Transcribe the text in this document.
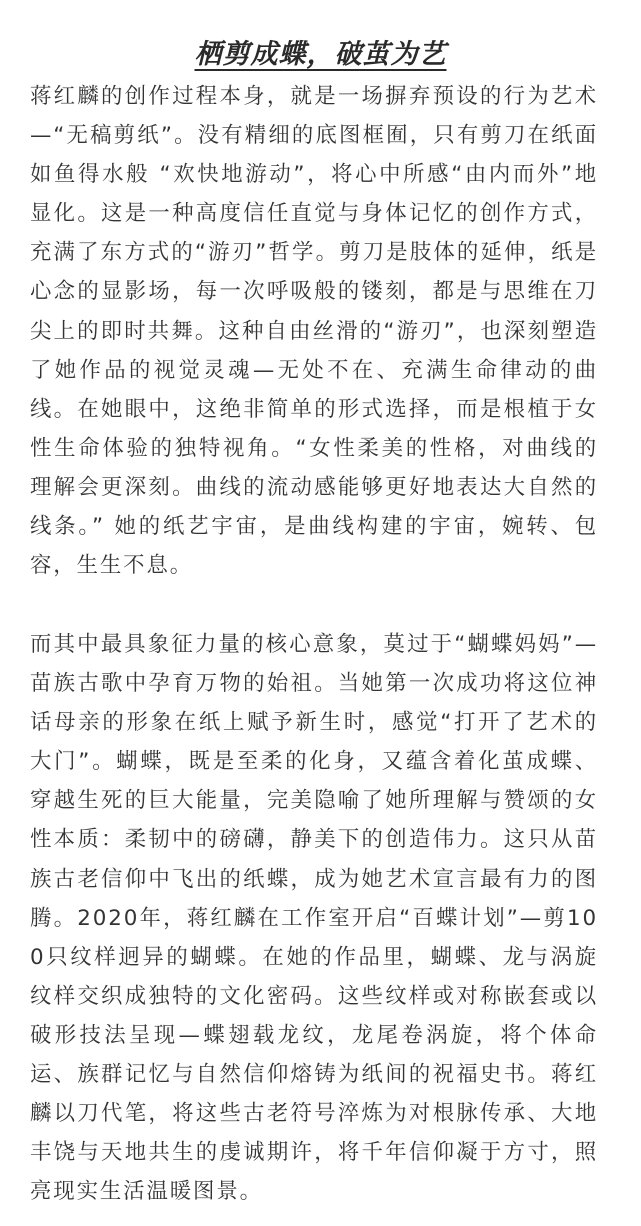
栖剪成蝶，破茧为艺

蒋红麟的创作过程本身，就是一场摒弃预设的行为艺术—“无稿剪纸”。没有精细的底图框囿，只有剪刀在纸面如鱼得水般 “欢快地游动”，将心中所感“由内而外”地显化。这是一种高度信任直觉与身体记忆的创作方式，充满了东方式的“游刃”哲学。剪刀是肢体的延伸，纸是心念的显影场，每一次呼吸般的镂刻，都是与思维在刀尖上的即时共舞。这种自由丝滑的“游刃”，也深刻塑造了她作品的视觉灵魂—无处不在、充满生命律动的曲线。在她眼中，这绝非简单的形式选择，而是根植于女性生命体验的独特视角。“女性柔美的性格，对曲线的理解会更深刻。曲线的流动感能够更好地表达大自然的线条。” 她的纸艺宇宙，是曲线构建的宇宙，婉转、包容，生生不息。

而其中最具象征力量的核心意象，莫过于“蝴蝶妈妈”—苗族古歌中孕育万物的始祖。当她第一次成功将这位神话母亲的形象在纸上赋予新生时，感觉“打开了艺术的大门”。蝴蝶，既是至柔的化身，又蕴含着化茧成蝶、穿越生死的巨大能量，完美隐喻了她所理解与赞颂的女性本质：柔韧中的磅礴，静美下的创造伟力。这只从苗族古老信仰中飞出的纸蝶，成为她艺术宣言最有力的图腾。2020年，蒋红麟在工作室开启“百蝶计划”—剪100只纹样迥异的蝴蝶。在她的作品里，蝴蝶、龙与涡旋纹样交织成独特的文化密码。这些纹样或对称嵌套或以破形技法呈现—蝶翅载龙纹，龙尾卷涡旋，将个体命运、族群记忆与自然信仰熔铸为纸间的祝福史书。蒋红麟以刀代笔，将这些古老符号淬炼为对根脉传承、大地丰饶与天地共生的虔诚期许，将千年信仰凝于方寸，照亮现实生活温暖图景。
